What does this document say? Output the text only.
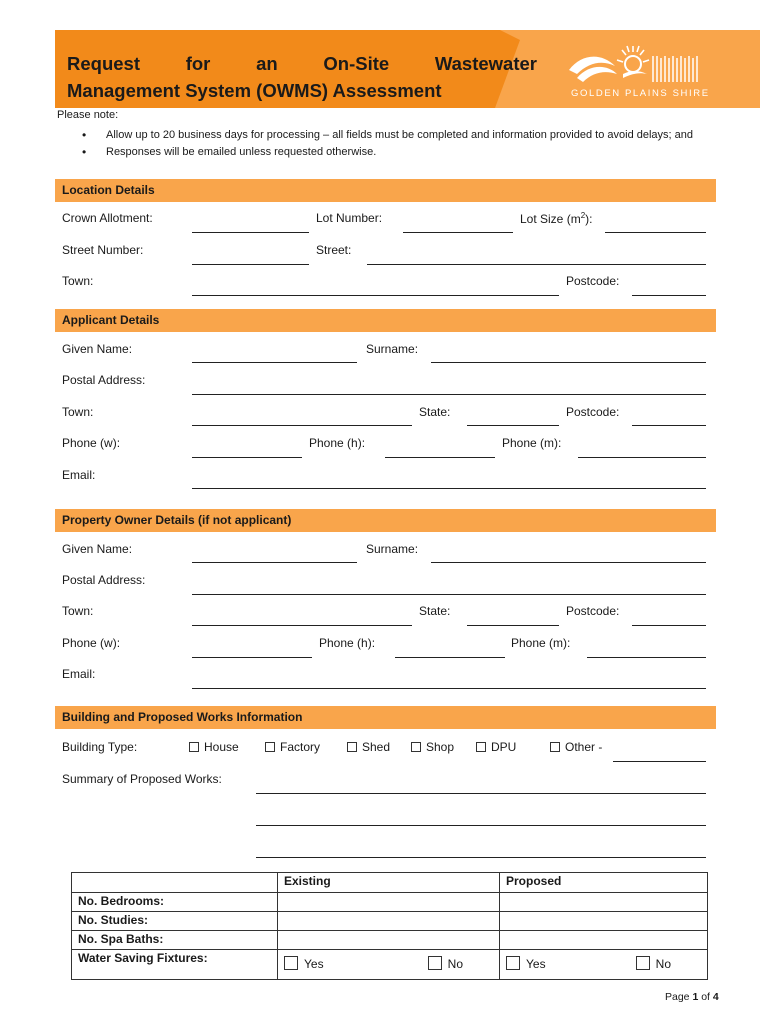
Request for an On-Site Wastewater
Management System (OWMS) Assessment	GOLDEN PLAINS SHIRE
Please note:
• Allow up to 20 business days for processing – all fields must be completed and information provided to avoid delays; and
• Responses will be emailed unless requested otherwise.
Location Details
Crown Allotment:	Lot Number:	Lot Size $(m^2)$:
Street Number:	Street:
Town:	Postcode:
Applicant Details
Given Name:	Surname:
Postal Address:
Town:	State:	Postcode:
Phone (w):	Phone (h):	Phone (m):
Email:
Property Owner Details (if not applicant)
Given Name:	Surname:
Postal Address:
Town:	State:	Postcode:
Phone (w):	Phone (h):	Phone (m):
Email:
Building and Proposed Works Information
Building Type:	House	Factory	Shed	Shop	DPU	Other -
Summary of Proposed Works:
	Existing	Proposed
No. Bedrooms:		
No. Studies:		
No. Spa Baths:		
Water Saving Fixtures:	Yes No	Yes No
Page 1 of 4
